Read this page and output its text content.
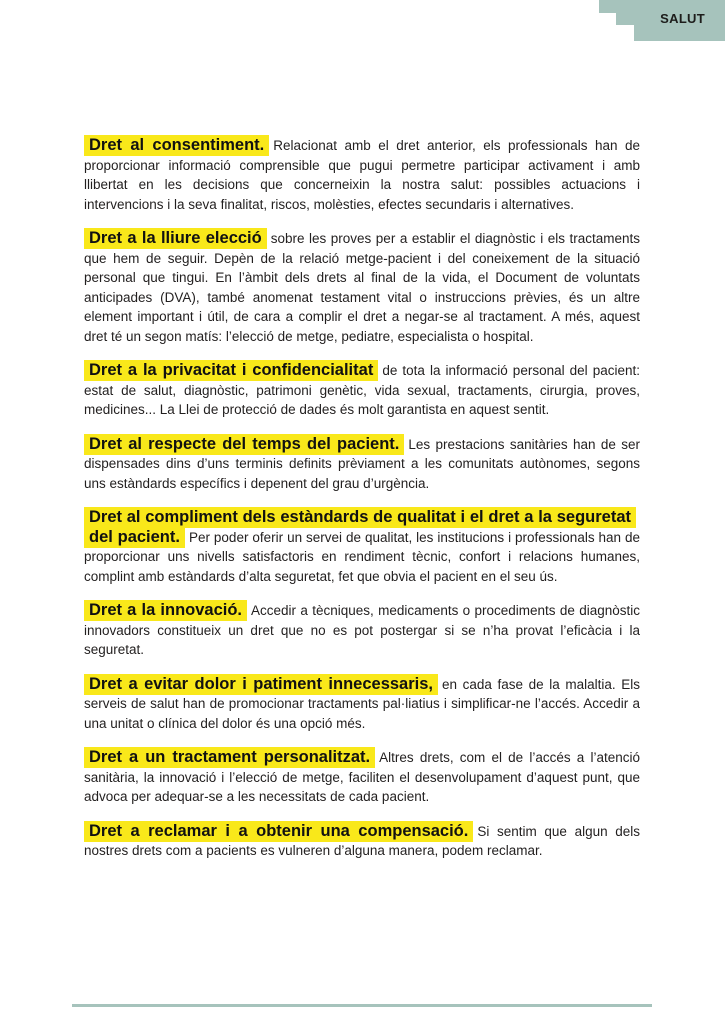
SALUT

Dret al consentiment. Relacionat amb el dret anterior, els professionals han de proporcionar informació comprensible que pugui permetre participar activament i amb llibertat en les decisions que concerneixin la nostra salut: possibles actuacions i intervencions i la seva finalitat, riscos, molèsties, efectes secundaris i alternatives.

Dret a la lliure elecció sobre les proves per a establir el diagnòstic i els tractaments que hem de seguir. Depèn de la relació metge-pacient i del coneixement de la situació personal que tingui. En l’àmbit dels drets al final de la vida, el Document de voluntats anticipades (DVA), també anomenat testament vital o instruccions prèvies, és un altre element important i útil, de cara a complir el dret a negar-se al tractament. A més, aquest dret té un segon matís: l’elecció de metge, pediatre, especialista o hospital.

Dret a la privacitat i confidencialitat de tota la informació personal del pacient: estat de salut, diagnòstic, patrimoni genètic, vida sexual, tractaments, cirurgia, proves, medicines... La Llei de protecció de dades és molt garantista en aquest sentit.

Dret al respecte del temps del pacient. Les prestacions sanitàries han de ser dispensades dins d’uns terminis definits prèviament a les comunitats autònomes, segons uns estàndards específics i depenent del grau d’urgència.

Dret al compliment dels estàndards de qualitat i el dret a la seguretat del pacient. Per poder oferir un servei de qualitat, les institucions i professionals han de proporcionar uns nivells satisfactoris en rendiment tècnic, confort i relacions humanes, complint amb estàndards d’alta seguretat, fet que obvia el pacient en el seu ús.

Dret a la innovació. Accedir a tècniques, medicaments o procediments de diagnòstic innovadors constitueix un dret que no es pot postergar si se n’ha provat l’eficàcia i la seguretat.

Dret a evitar dolor i patiment innecessaris, en cada fase de la malaltia. Els serveis de salut han de promocionar tractaments pal·liatius i simplificar-ne l’accés. Accedir a una unitat o clínica del dolor és una opció més.

Dret a un tractament personalitzat. Altres drets, com el de l’accés a l’atenció sanitària, la innovació i l’elecció de metge, faciliten el desenvolupament d’aquest punt, que advoca per adequar-se a les necessitats de cada pacient.

Dret a reclamar i a obtenir una compensació. Si sentim que algun dels nostres drets com a pacients es vulneren d’alguna manera, podem reclamar.
